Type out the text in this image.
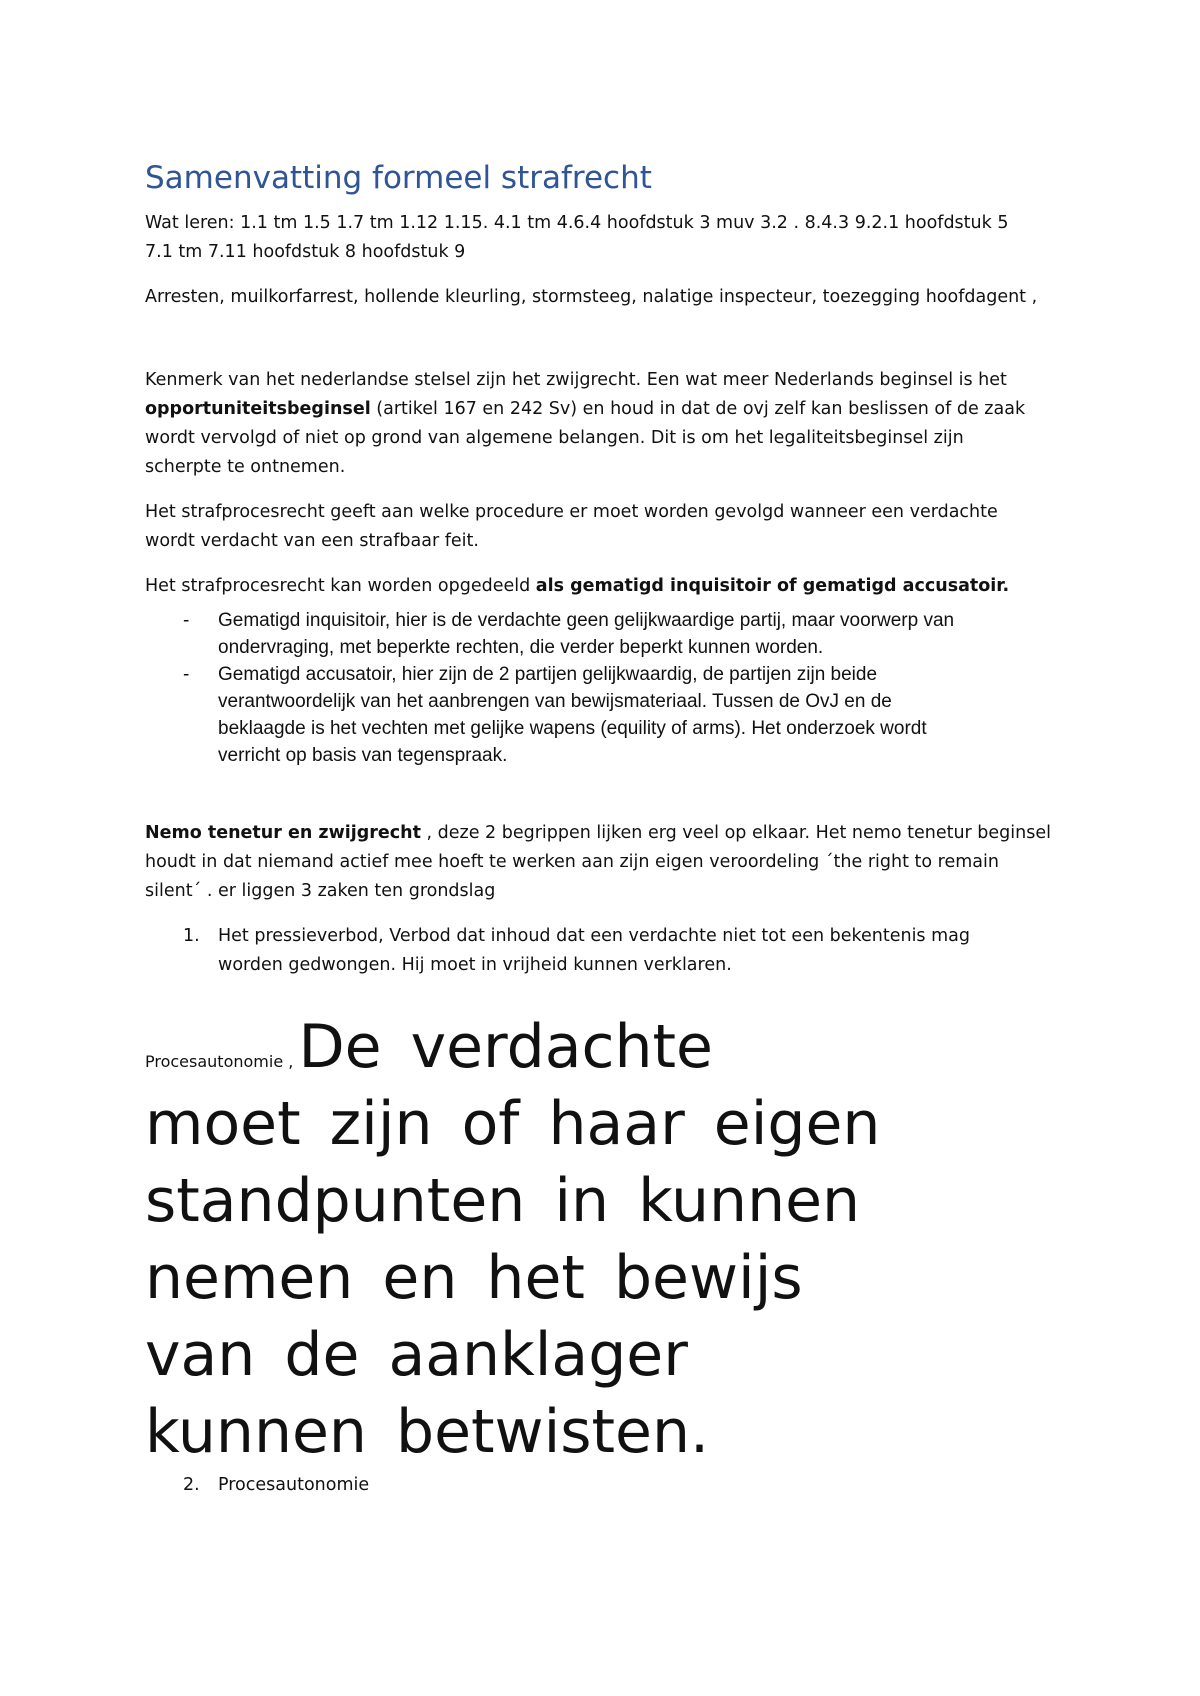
Samenvatting formeel strafrecht
Wat leren: 1.1 tm 1.5 1.7 tm 1.12 1.15. 4.1 tm 4.6.4 hoofdstuk 3 muv 3.2 . 8.4.3 9.2.1 hoofdstuk 5
7.1 tm 7.11 hoofdstuk 8 hoofdstuk 9
Arresten, muilkorfarrest, hollende kleurling, stormsteeg, nalatige inspecteur, toezegging hoofdagent ,
Kenmerk van het nederlandse stelsel zijn het zwijgrecht. Een wat meer Nederlands beginsel is het
opportuniteitsbeginsel (artikel 167 en 242 Sv) en houd in dat de ovj zelf kan beslissen of de zaak
wordt vervolgd of niet op grond van algemene belangen. Dit is om het legaliteitsbeginsel zijn
scherpte te ontnemen.
Het strafprocesrecht geeft aan welke procedure er moet worden gevolgd wanneer een verdachte
wordt verdacht van een strafbaar feit.
Het strafprocesrecht kan worden opgedeeld als gematigd inquisitoir of gematigd accusatoir.
- Gematigd inquisitoir, hier is de verdachte geen gelijkwaardige partij, maar voorwerp van
ondervraging, met beperkte rechten, die verder beperkt kunnen worden.
- Gematigd accusatoir, hier zijn de 2 partijen gelijkwaardig, de partijen zijn beide
verantwoordelijk van het aanbrengen van bewijsmateriaal. Tussen de OvJ en de
beklaagde is het vechten met gelijke wapens (equility of arms). Het onderzoek wordt
verricht op basis van tegenspraak.
Nemo tenetur en zwijgrecht , deze 2 begrippen lijken erg veel op elkaar. Het nemo tenetur beginsel
houdt in dat niemand actief mee hoeft te werken aan zijn eigen veroordeling ´the right to remain
silent´ . er liggen 3 zaken ten grondslag
1. Het pressieverbod, Verbod dat inhoud dat een verdachte niet tot een bekentenis mag
worden gedwongen. Hij moet in vrijheid kunnen verklaren.
Procesautonomie , De verdachte
moet zijn of haar eigen
standpunten in kunnen
nemen en het bewijs
van de aanklager
kunnen betwisten.
2. Procesautonomie
